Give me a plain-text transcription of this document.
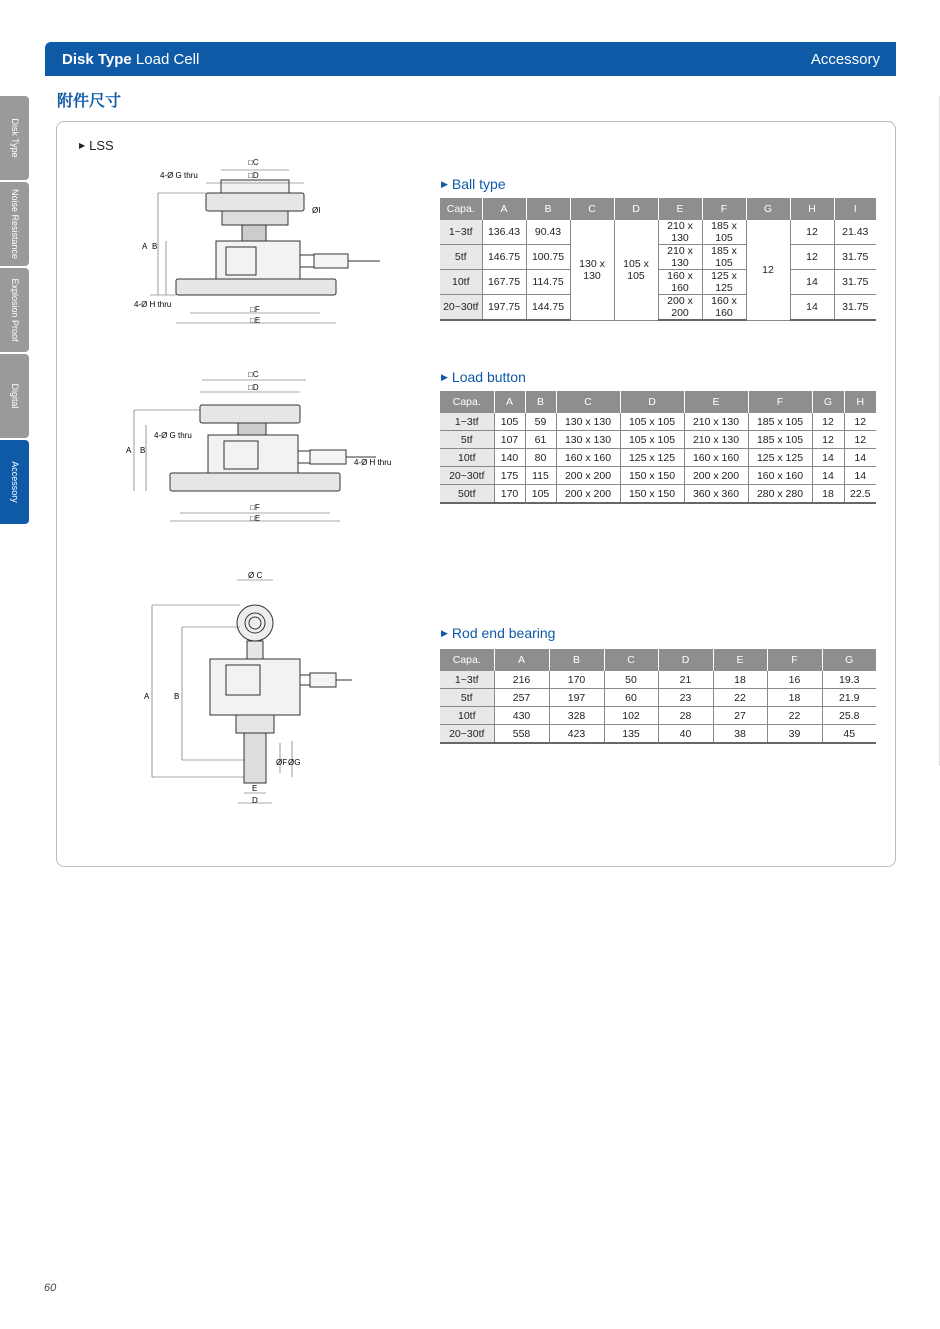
Disk Type Load Cell	Accessory
附件尺寸
Disk Type
Noise Resistance
Explosion Proof
Digital
Accessory
▶ LSS
□C
□D
4-Ø G thru
ØI
A B
4-Ø H thru
□F
□E
□C
□D
4-Ø G thru
4-Ø H thru
A B
□F
□E
Ø C
A	B
ØF ØG
E
D
▶ Ball type
Capa.	A	B	C	D	E	F	G	H	I
1~3tf	136.43	90.43	130 x 130	105 x 105	210 x 130	185 x 105	12	12	21.43
5tf	146.75	100.75			210 x 130	185 x 105		12	31.75
10tf	167.75	114.75			160 x 160	125 x 125		14	31.75
20~30tf	197.75	144.75			200 x 200	160 x 160		14	31.75
▶ Load button
Capa.	A	B	C	D	E	F	G	H
1~3tf	105	59	130 x 130	105 x 105	210 x 130	185 x 105	12	12
5tf	107	61	130 x 130	105 x 105	210 x 130	185 x 105	12	12
10tf	140	80	160 x 160	125 x 125	160 x 160	125 x 125	14	14
20~30tf	175	115	200 x 200	150 x 150	200 x 200	160 x 160	14	14
50tf	170	105	200 x 200	150 x 150	360 x 360	280 x 280	18	22.5
▶ Rod end bearing
Capa.	A	B	C	D	E	F	G
1~3tf	216	170	50	21	18	16	19.3
5tf	257	197	60	23	22	18	21.9
10tf	430	328	102	28	27	22	25.8
20~30tf	558	423	135	40	38	39	45
60
